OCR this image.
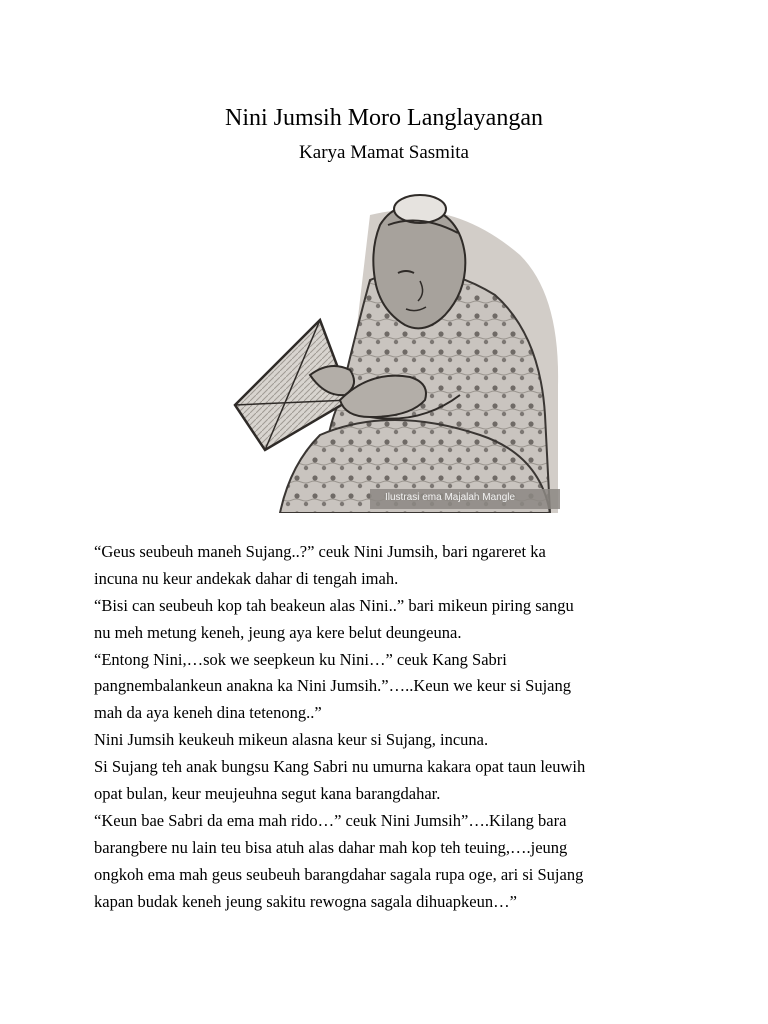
Nini Jumsih Moro Langlayangan
Karya Mamat Sasmita
Ilustrasi ema Majalah Mangle
“Geus seubeuh maneh Sujang..?” ceuk Nini Jumsih, bari ngareret ka
incuna nu keur andekak dahar di tengah imah.
“Bisi can seubeuh kop tah beakeun alas Nini..” bari mikeun piring sangu
nu meh metung keneh, jeung aya kere belut deungeuna.
“Entong Nini,…sok we seepkeun ku Nini…” ceuk Kang Sabri
pangnembalankeun anakna ka Nini Jumsih.”…..Keun we keur si Sujang
mah da aya keneh dina tetenong..”
Nini Jumsih keukeuh mikeun alasna keur si Sujang, incuna.
Si Sujang teh anak bungsu Kang Sabri nu umurna kakara opat taun leuwih
opat bulan, keur meujeuhna segut kana barangdahar.
“Keun bae Sabri da ema mah rido…” ceuk Nini Jumsih”….Kilang bara
barangbere nu lain teu bisa atuh alas dahar mah kop teh teuing,….jeung
ongkoh ema mah geus seubeuh barangdahar sagala rupa oge, ari si Sujang
kapan budak keneh jeung sakitu rewogna sagala dihuapkeun…”
